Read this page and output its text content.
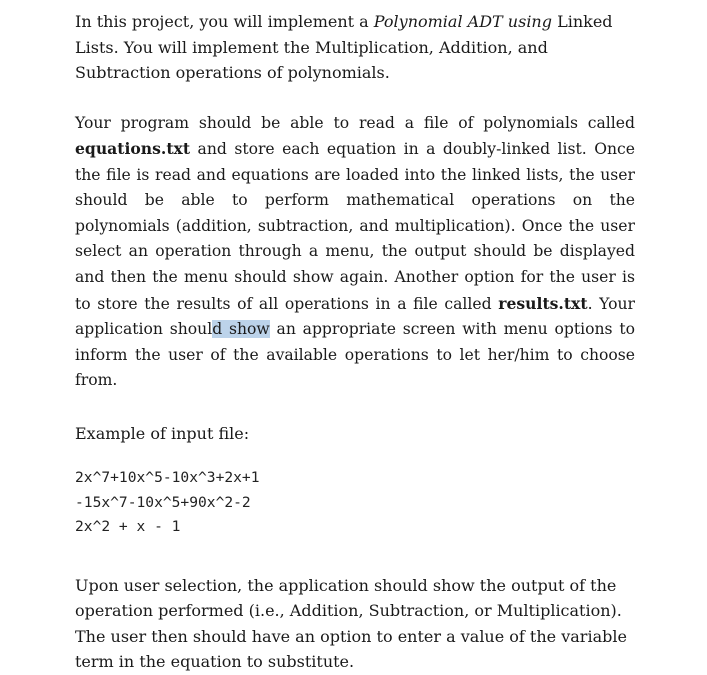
In this project, you will implement a Polynomial ADT using Linked Lists. You will implement the Multiplication, Addition, and Subtraction operations of polynomials.

Your program should be able to read a file of polynomials called equations.txt and store each equation in a doubly-linked list. Once the file is read and equations are loaded into the linked lists, the user should be able to perform mathematical operations on the polynomials (addition, subtraction, and multiplication). Once the user select an operation through a menu, the output should be displayed and then the menu should show again. Another option for the user is to store the results of all operations in a file called results.txt. Your application should show an appropriate screen with menu options to inform the user of the available operations to let her/him to choose from.

Example of input file:

2x^7+10x^5-10x^3+2x+1
-15x^7-10x^5+90x^2-2
2x^2 + x - 1

Upon user selection, the application should show the output of the operation performed (i.e., Addition, Subtraction, or Multiplication). The user then should have an option to enter a value of the variable term in the equation to substitute.
